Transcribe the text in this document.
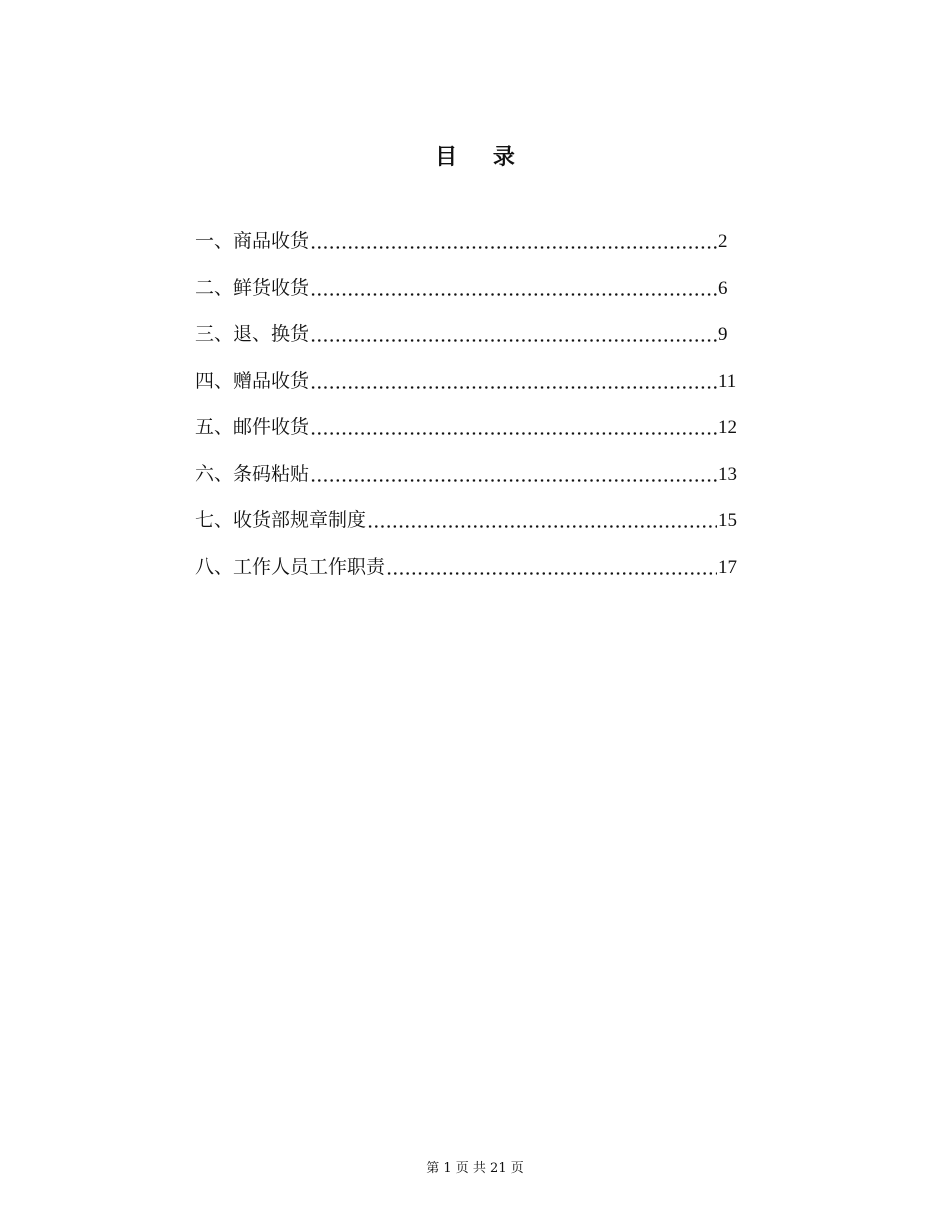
目 录
一、商品收货	2
二、鲜货收货	6
三、退、换货	9
四、赠品收货	11
五、邮件收货	12
六、条码粘贴	13
七、收货部规章制度	15
八、工作人员工作职责	17
第 1 页 共 21 页
